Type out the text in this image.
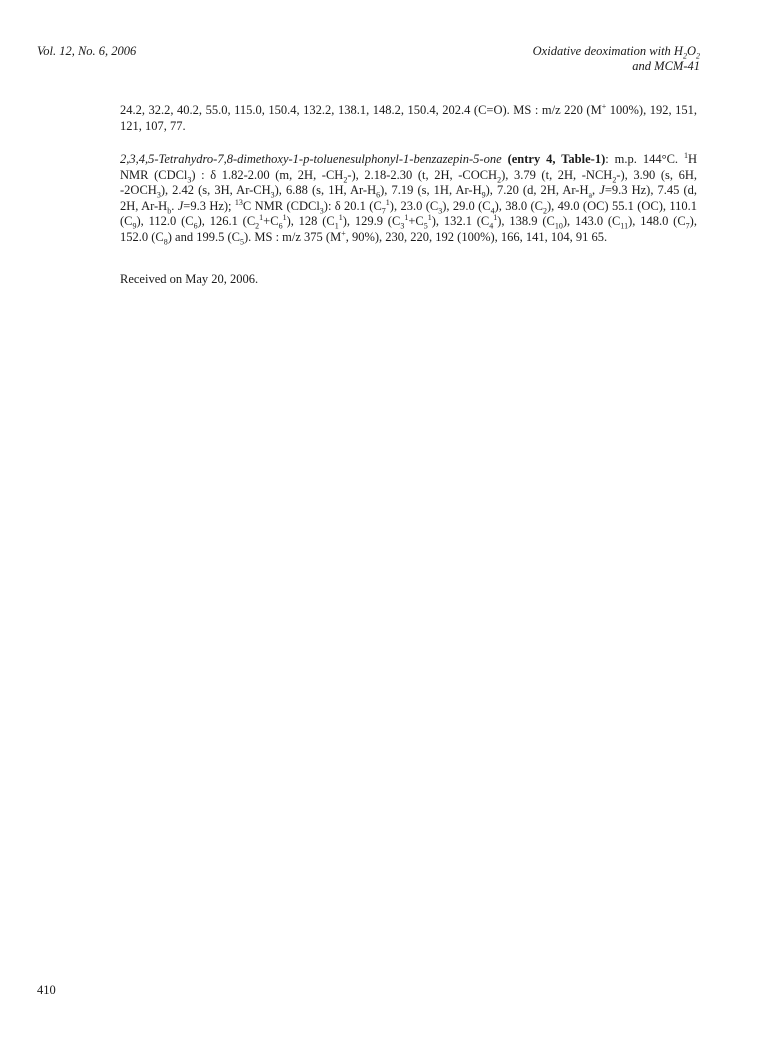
Vol. 12, No. 6, 2006	Oxidative deoximation with $H_2O_2$
and MCM-41
24.2, 32.2, 40.2, 55.0, 115.0, 150.4, 132.2, 138.1, 148.2, 150.4, 202.4 (C=O). MS : m/z 220 (M+ 100%), 192, 151, 121, 107, 77.
2,3,4,5-Tetrahydro-7,8-dimethoxy-1-p-toluenesulphonyl-1-benzazepin-5-one (entry 4, Table-1): m.p. 144°C. $^1$H NMR (CDCl$_3$) : δ 1.82-2.00 (m, 2H, $-CH_2-$), 2.18-2.30 (t, 2H, $-COCH_2$), 3.79 (t, 2H, $-NCH_2-$), 3.90 (s, 6H, $-2OCH_3$), 2.42 (s, 3H, $Ar-CH_3$), 6.88 (s, 1H, $Ar-H_6$), 7.19 (s, 1H, $Ar-H_9$), 7.20 (d, 2H, $Ar-H_a$, J=9.3 Hz), 7.45 (d, 2H, $Ar-H_b$. J=9.3 Hz); $^{13}$C NMR (CDCl$_3$): δ 20.1 $(C_7^1)$, 23.0 $(C_3)$, 29.0 $(C_4)$, 38.0 $(C_2)$, 49.0 (OC) 55.1 (OC), 110.1 $(C_9)$, 112.0 $(C_6)$, 126.1 $(C_2^1+C_6^1)$, 128 $(C_1^1)$, 129.9 $(C_3^1+C_5^1)$, 132.1 $(C_4^1)$, 138.9 $(C_{10})$, 143.0 $(C_{11})$, 148.0 $(C_7)$, 152.0 $(C_8)$ and 199.5 $(C_5)$. MS : m/z 375 (M+, 90%), 230, 220, 192 (100%), 166, 141, 104, 91 65.
Received on May 20, 2006.
410
